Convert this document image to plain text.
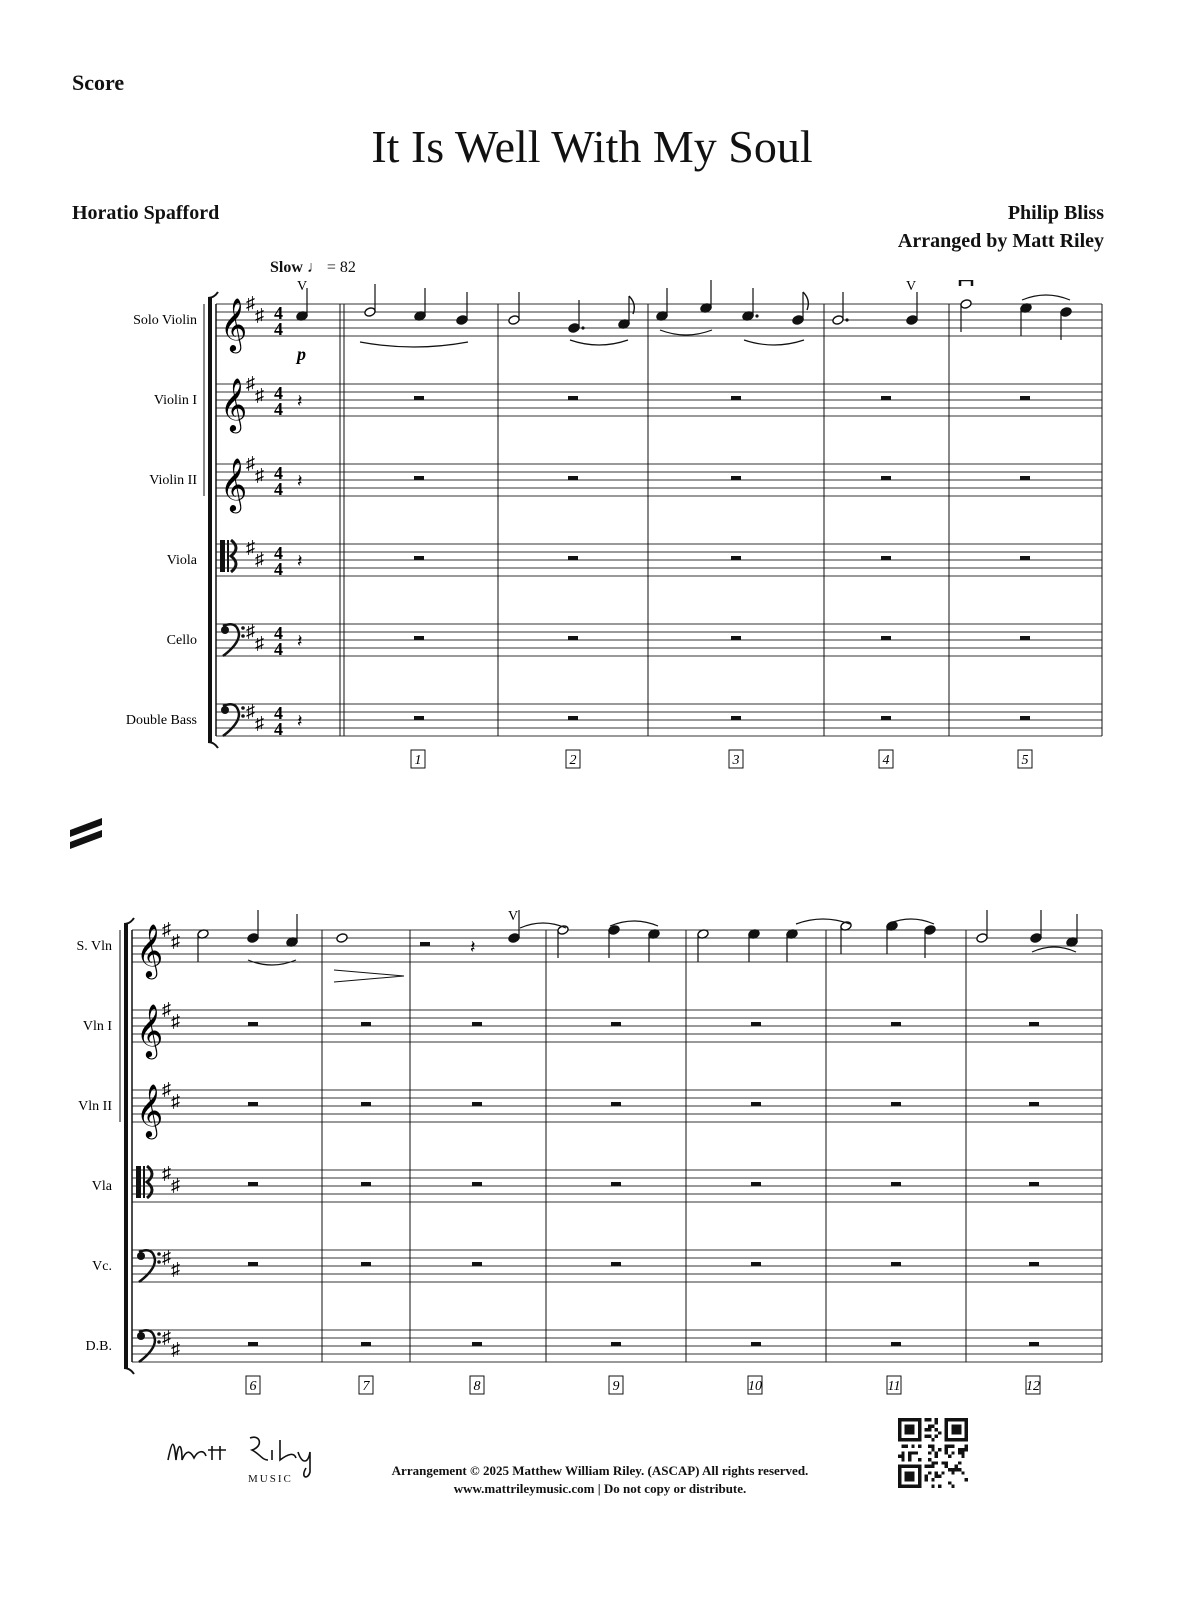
Score
It Is Well With My Soul
Horatio Spafford	Philip Bliss
Arranged by Matt Riley
Slow ♩ = 82
Solo Violin 𝄞
♯
♯ 4
4
Violin I 𝄞
♯
♯ 4
4 𝄽
Violin II 𝄞
♯
♯ 4
4 𝄽
Viola
♯
♯ 4
4 𝄽
Cello	♯
♯ 4
4 𝄽
Double Bass	♯
♯ 4
4 𝄽
1	2	3	4	5
V
p
V
S. Vln 𝄞
♯
♯
Vln I 𝄞
♯
♯
Vln II 𝄞
♯
♯
Vla
♯
♯
Vc.	♯
♯
D.B.	♯
♯
6	7	8	9	10	11	12
𝄽
V
MUSIC
Arrangement © 2025 Matthew William Riley. (ASCAP) All rights reserved.
www.mattrileymusic.com | Do not copy or distribute.
